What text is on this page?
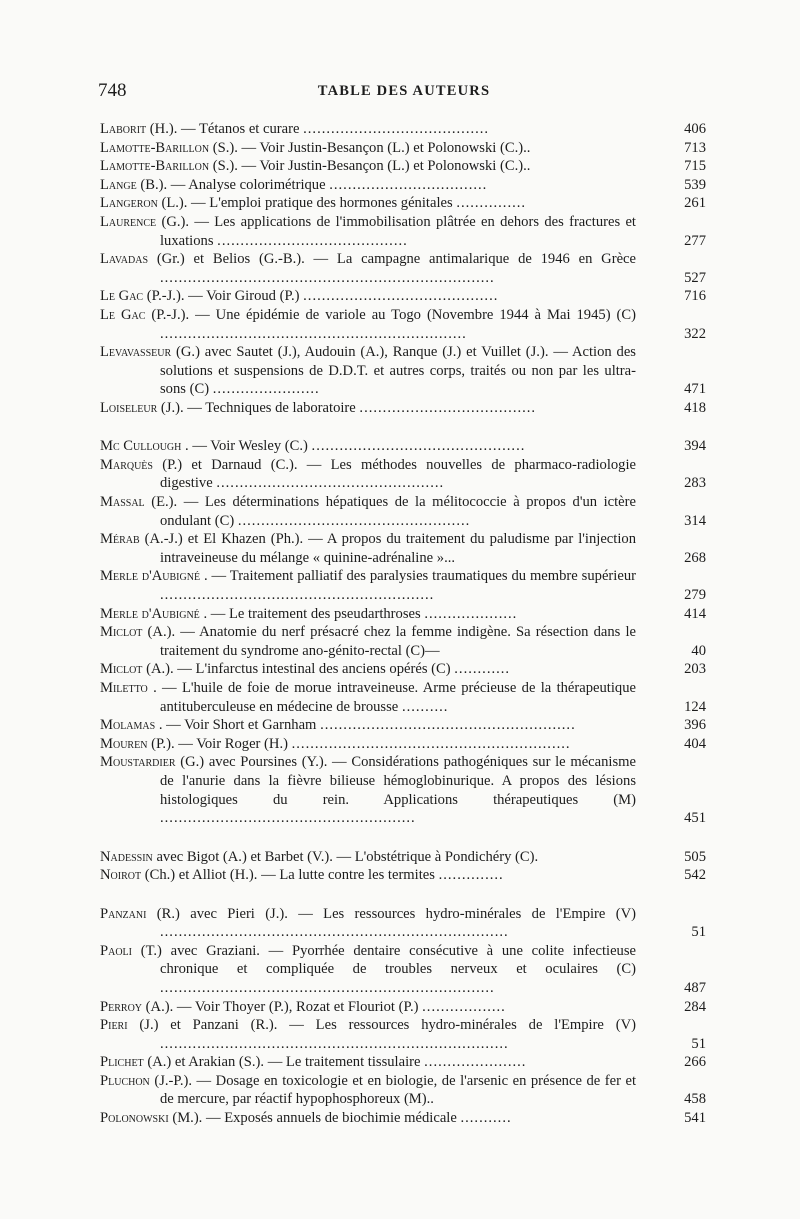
748	TABLE DES AUTEURS
Laborit (H.). — Tétanos et curare ........................................	406
Lamotte-Barillon (S.). — Voir Justin-Besançon (L.) et Polonowski (C.)..	713
Lamotte-Barillon (S.). — Voir Justin-Besançon (L.) et Polonowski (C.)..	715
Lange (B.). — Analyse colorimétrique ..................................	539
Langeron (L.). — L'emploi pratique des hormones génitales ...............	261
Laurence (G.). — Les applications de l'immobilisation plâtrée en dehors des fractures et luxations .........................................	277
Lavadas (Gr.) et Belios (G.-B.). — La campagne antimalarique de 1946 en Grèce ........................................................................	527
Le Gac (P.-J.). — Voir Giroud (P.) ..........................................	716
Le Gac (P.-J.). — Une épidémie de variole au Togo (Novembre 1944 à Mai 1945) (C) ..................................................................	322
Levavasseur (G.) avec Sautet (J.), Audouin (A.), Ranque (J.) et Vuillet (J.). — Action des solutions et suspensions de D.D.T. et autres corps, traités ou non par les ultra-sons (C) .......................	471
Loiseleur (J.). — Techniques de laboratoire ......................................	418
Mc Cullough . — Voir Wesley (C.) ..............................................	394
Marquès (P.) et Darnaud (C.). — Les méthodes nouvelles de pharmaco-radiologie digestive .................................................	283
Massal (E.). — Les déterminations hépatiques de la mélitococcie à propos d'un ictère ondulant (C) ..................................................	314
Mérab (A.-J.) et El Khazen (Ph.). — A propos du traitement du paludisme par l'injection intraveineuse du mélange « quinine-adrénaline »...	268
Merle d'Aubigné . — Traitement palliatif des paralysies traumatiques du membre supérieur ...........................................................	279
Merle d'Aubigné . — Le traitement des pseudarthroses ....................	414
Miclot (A.). — Anatomie du nerf présacré chez la femme indigène. Sa résection dans le traitement du syndrome ano-génito-rectal (C)—	40
Miclot (A.). — L'infarctus intestinal des anciens opérés (C) ............	203
Miletto . — L'huile de foie de morue intraveineuse. Arme précieuse de la thérapeutique antituberculeuse en médecine de brousse ..........	124
Molamas . — Voir Short et Garnham .......................................................	396
Mouren (P.). — Voir Roger (H.) ............................................................	404
Moustardier (G.) avec Poursines (Y.). — Considérations pathogéniques sur le mécanisme de l'anurie dans la fièvre bilieuse hémoglobinurique. A propos des lésions histologiques du rein. Applications thérapeutiques (M) .......................................................	451
Nadessin avec Bigot (A.) et Barbet (V.). — L'obstétrique à Pondichéry (C).	505
Noirot (Ch.) et Alliot (H.). — La lutte contre les termites ..............	542
Panzani (R.) avec Pieri (J.). — Les ressources hydro-minérales de l'Empire (V) ...........................................................................	51
Paoli (T.) avec Graziani. — Pyorrhée dentaire consécutive à une colite infectieuse chronique et compliquée de troubles nerveux et oculaires (C) ........................................................................	487
Perroy (A.). — Voir Thoyer (P.), Rozat et Flouriot (P.) ..................	284
Pieri (J.) et Panzani (R.). — Les ressources hydro-minérales de l'Empire (V) ...........................................................................	51
Plichet (A.) et Arakian (S.). — Le traitement tissulaire ......................	266
Pluchon (J.-P.). — Dosage en toxicologie et en biologie, de l'arsenic en présence de fer et de mercure, par réactif hypophosphoreux (M)..	458
Polonowski (M.). — Exposés annuels de biochimie médicale ...........	541
